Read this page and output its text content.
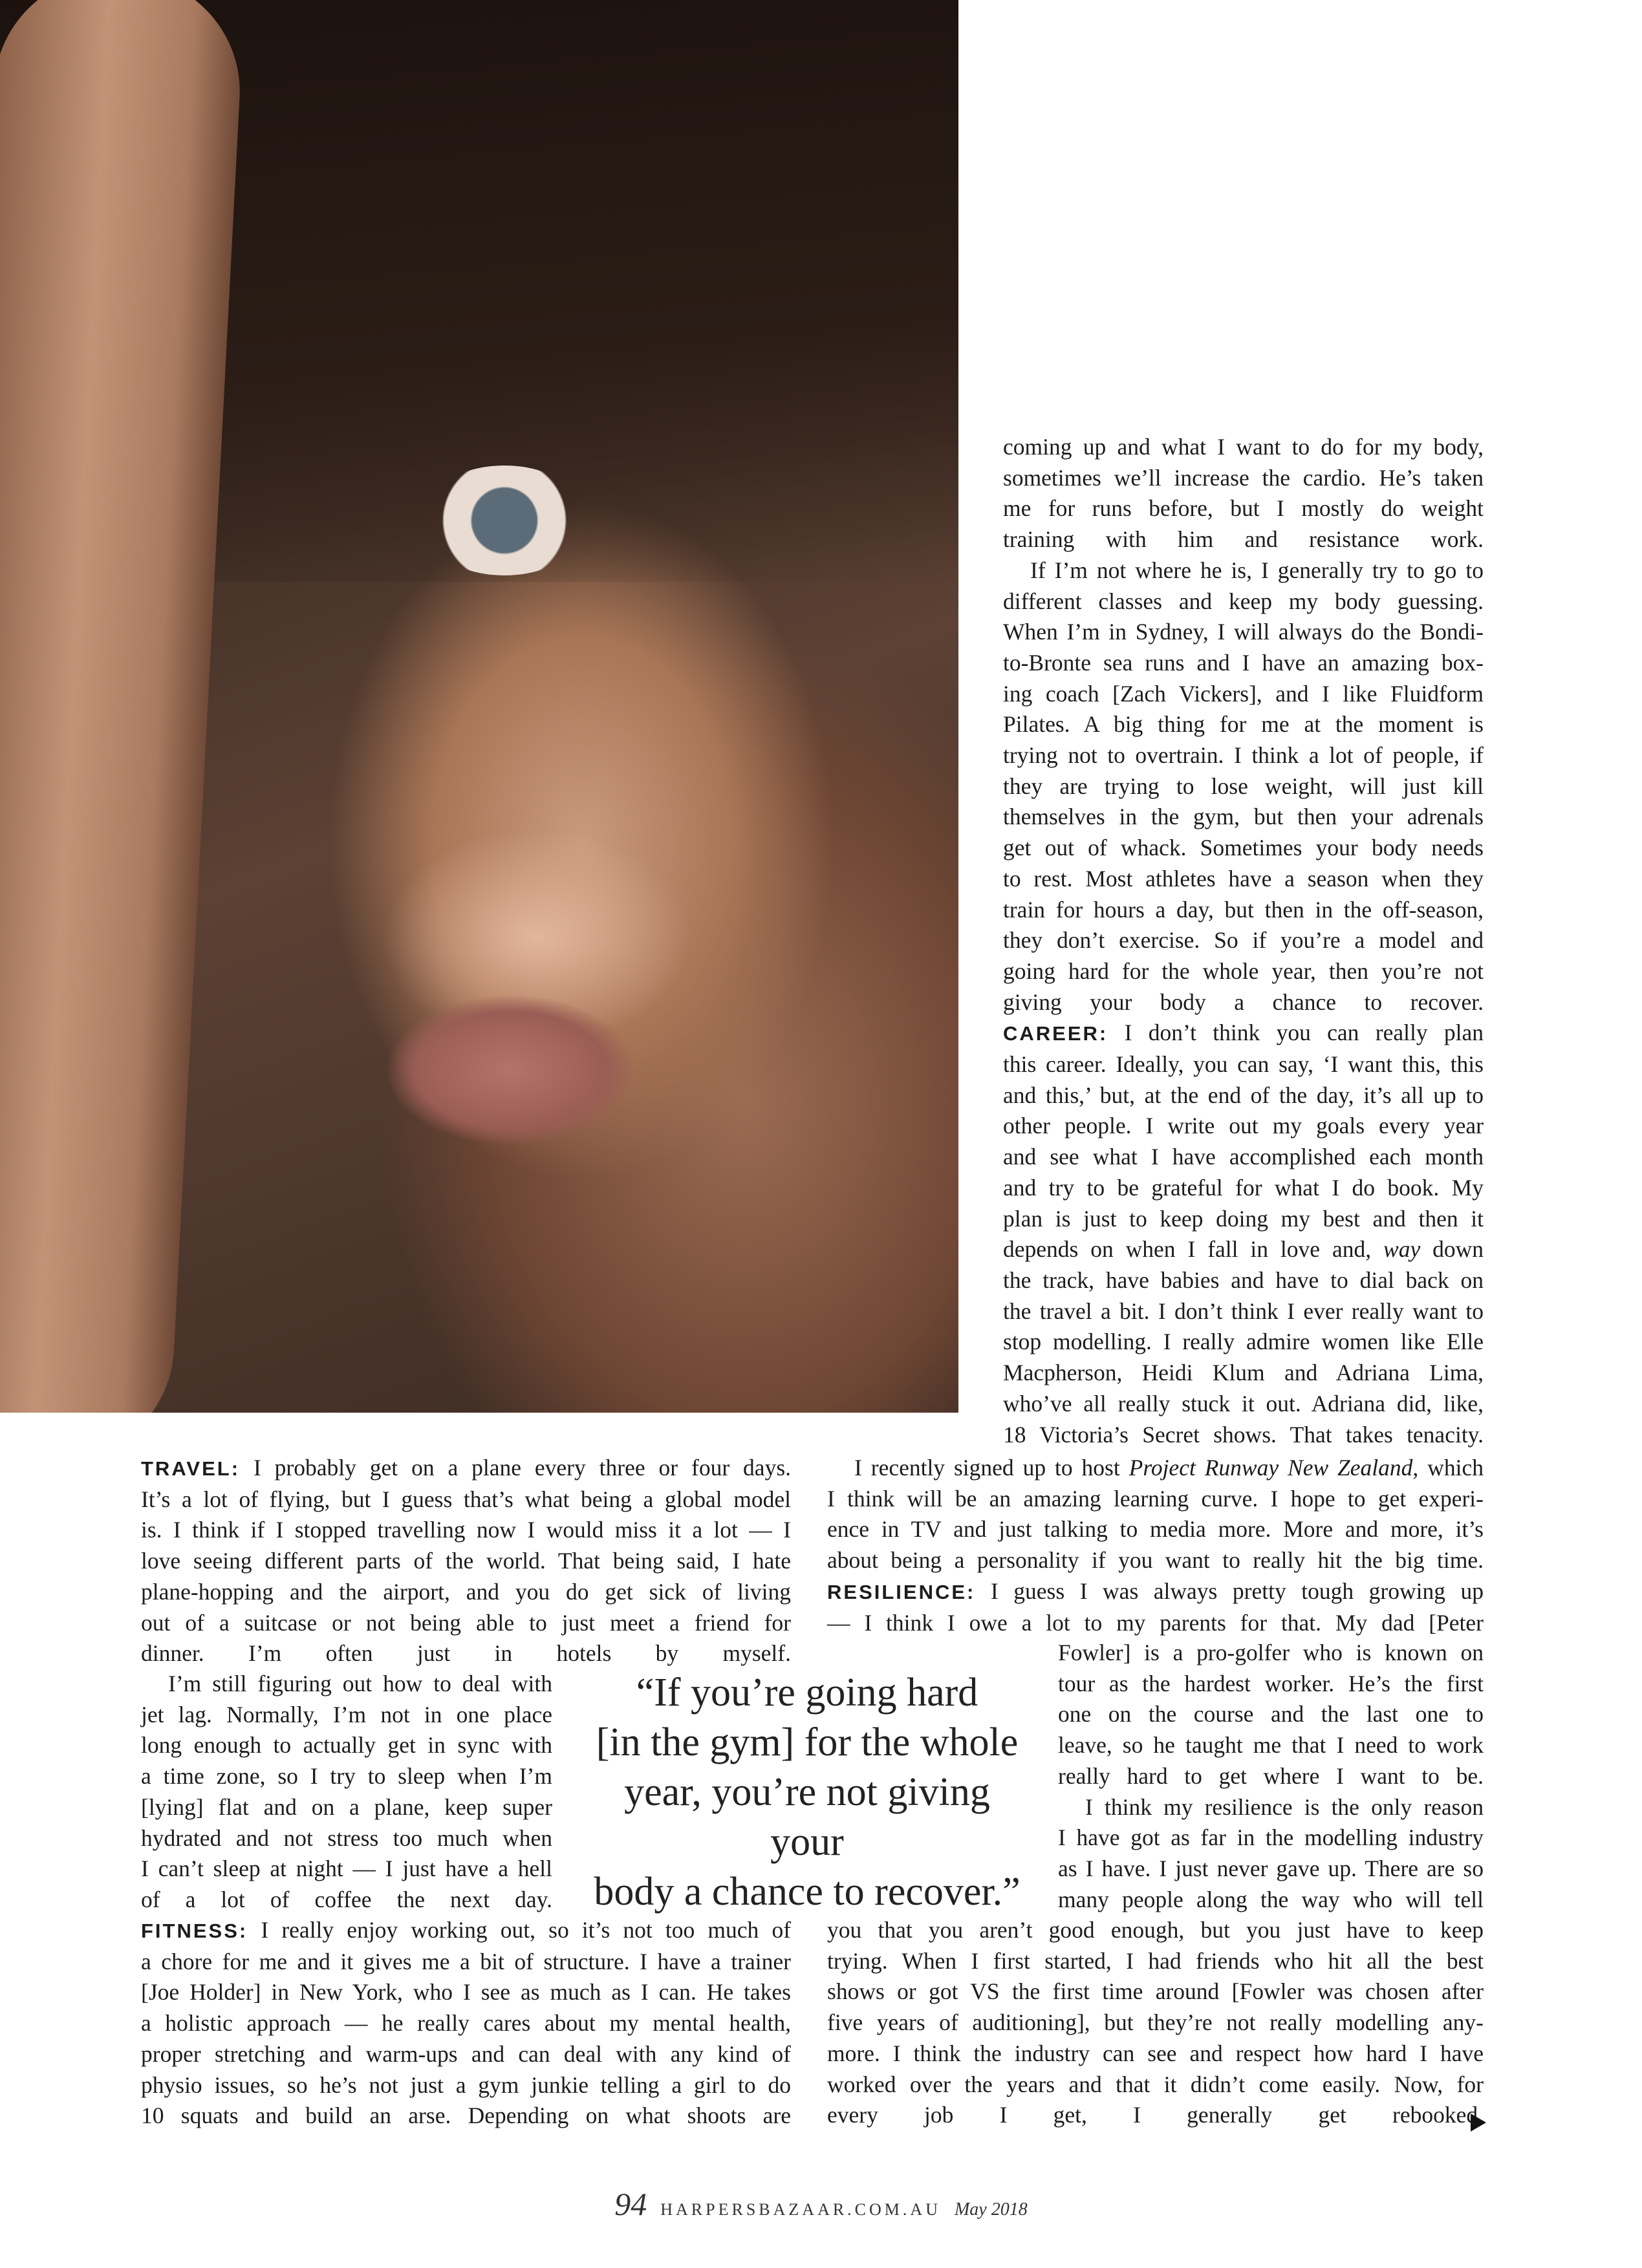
coming up and what I want to do for my body,
sometimes we’ll increase the cardio. He’s taken
me for runs before, but I mostly do weight
training with him and resistance work.
If I’m not where he is, I generally try to go to
different classes and keep my body guessing.
When I’m in Sydney, I will always do the Bondi-
to-Bronte sea runs and I have an amazing box-
ing coach [Zach Vickers], and I like Fluidform
Pilates. A big thing for me at the moment is
trying not to overtrain. I think a lot of people, if
they are trying to lose weight, will just kill
themselves in the gym, but then your adrenals
get out of whack. Sometimes your body needs
to rest. Most athletes have a season when they
train for hours a day, but then in the off-season,
they don’t exercise. So if you’re a model and
going hard for the whole year, then you’re not
giving your body a chance to recover.
CAREER: I don’t think you can really plan
this career. Ideally, you can say, ‘I want this, this
and this,’ but, at the end of the day, it’s all up to
other people. I write out my goals every year
and see what I have accomplished each month
and try to be grateful for what I do book. My
plan is just to keep doing my best and then it
depends on when I fall in love and, way down
the track, have babies and have to dial back on
the travel a bit. I don’t think I ever really want to
stop modelling. I really admire women like Elle
Macpherson, Heidi Klum and Adriana Lima,
who’ve all really stuck it out. Adriana did, like,
18 Victoria’s Secret shows. That takes tenacity.
I recently signed up to host Project Runway New Zealand, which
I think will be an amazing learning curve. I hope to get experi-
ence in TV and just talking to media more. More and more, it’s
about being a personality if you want to really hit the big time.
RESILIENCE: I guess I was always pretty tough growing up
— I think I owe a lot to my parents for that. My dad [Peter
Fowler] is a pro-golfer who is known on
tour as the hardest worker. He’s the first
one on the course and the last one to
leave, so he taught me that I need to work
really hard to get where I want to be.
I think my resilience is the only reason
I have got as far in the modelling industry
as I have. I just never gave up. There are so
many people along the way who will tell
you that you aren’t good enough, but you just have to keep
trying. When I first started, I had friends who hit all the best
shows or got VS the first time around [Fowler was chosen after
five years of auditioning], but they’re not really modelling any-
more. I think the industry can see and respect how hard I have
worked over the years and that it didn’t come easily. Now, for
every job I get, I generally get rebooked.
TRAVEL: I probably get on a plane every three or four days.
It’s a lot of flying, but I guess that’s what being a global model
is. I think if I stopped travelling now I would miss it a lot — I
love seeing different parts of the world. That being said, I hate
plane-hopping and the airport, and you do get sick of living
out of a suitcase or not being able to just meet a friend for
dinner. I’m often just in hotels by myself.
I’m still figuring out how to deal with
jet lag. Normally, I’m not in one place
long enough to actually get in sync with
a time zone, so I try to sleep when I’m
[lying] flat and on a plane, keep super
hydrated and not stress too much when
I can’t sleep at night — I just have a hell
of a lot of coffee the next day.
FITNESS: I really enjoy working out, so it’s not too much of
a chore for me and it gives me a bit of structure. I have a trainer
[Joe Holder] in New York, who I see as much as I can. He takes
a holistic approach — he really cares about my mental health,
proper stretching and warm-ups and can deal with any kind of
physio issues, so he’s not just a gym junkie telling a girl to do
10 squats and build an arse. Depending on what shoots are
“If you’re going hard
[in the gym] for the whole
year, you’re not giving your
body a chance to recover.”
94 HARPERSBAZAAR.COM.AU May 2018
